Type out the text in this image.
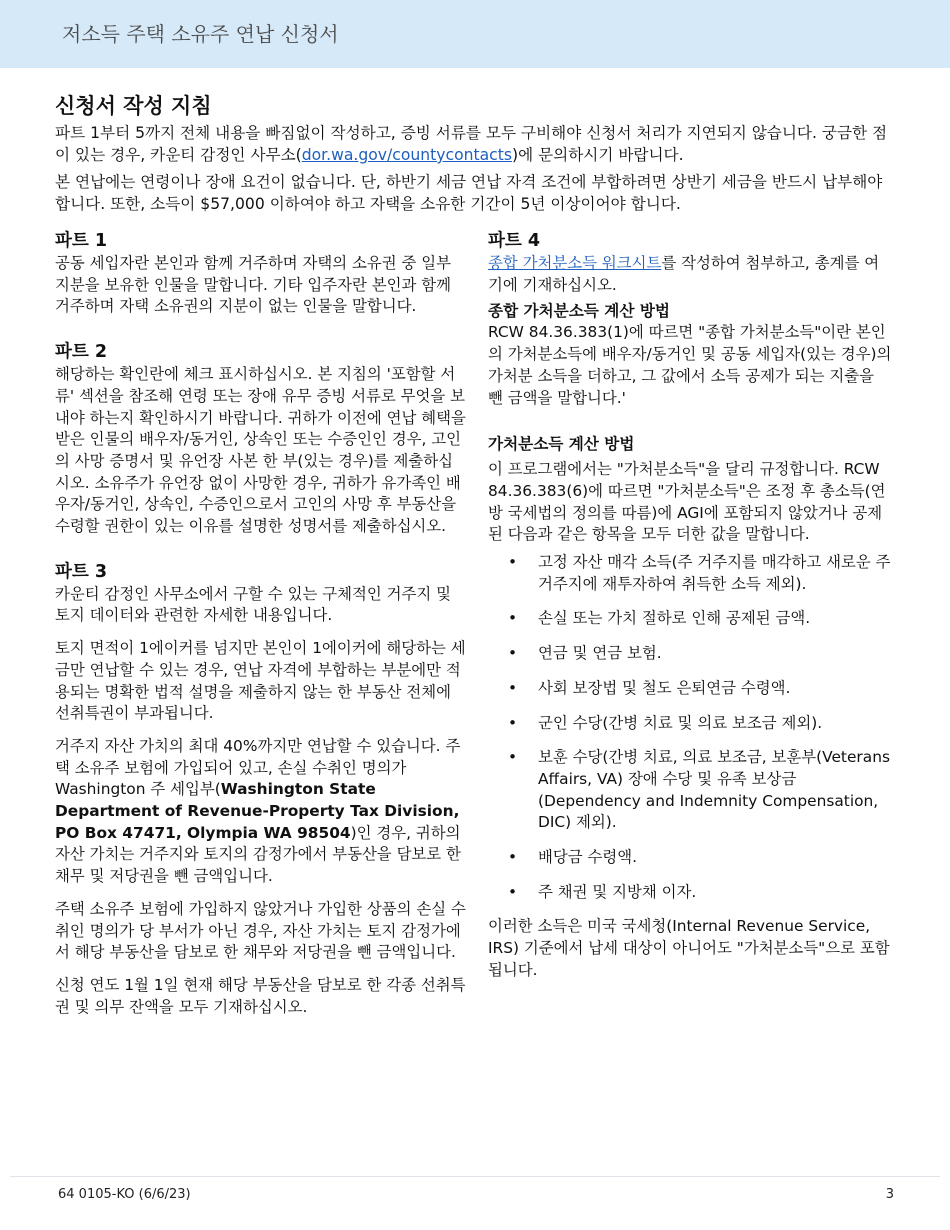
저소득 주택 소유주 연납 신청서
신청서 작성 지침

파트 1부터 5까지 전체 내용을 빠짐없이 작성하고, 증빙 서류를 모두 구비해야 신청서 처리가 지연되지 않습니다. 궁금한 점이 있는 경우, 카운티 감정인 사무소(dor.wa.gov/countycontacts)에 문의하시기 바랍니다.

본 연납에는 연령이나 장애 요건이 없습니다. 단, 하반기 세금 연납 자격 조건에 부합하려면 상반기 세금을 반드시 납부해야 합니다. 또한, 소득이 $57,000 이하여야 하고 자택을 소유한 기간이 5년 이상이어야 합니다.

파트 1

공동 세입자란 본인과 함께 거주하며 자택의 소유권 중 일부 지분을 보유한 인물을 말합니다. 기타 입주자란 본인과 함께 거주하며 자택 소유권의 지분이 없는 인물을 말합니다.

파트 2

해당하는 확인란에 체크 표시하십시오. 본 지침의 '포함할 서류' 섹션을 참조해 연령 또는 장애 유무 증빙 서류로 무엇을 보내야 하는지 확인하시기 바랍니다. 귀하가 이전에 연납 혜택을 받은 인물의 배우자/동거인, 상속인 또는 수증인인 경우, 고인의 사망 증명서 및 유언장 사본 한 부(있는 경우)를 제출하십시오. 소유주가 유언장 없이 사망한 경우, 귀하가 유가족인 배우자/동거인, 상속인, 수증인으로서 고인의 사망 후 부동산을 수령할 권한이 있는 이유를 설명한 성명서를 제출하십시오.

파트 3

카운티 감정인 사무소에서 구할 수 있는 구체적인 거주지 및 토지 데이터와 관련한 자세한 내용입니다.

토지 면적이 1에이커를 넘지만 본인이 1에이커에 해당하는 세금만 연납할 수 있는 경우, 연납 자격에 부합하는 부분에만 적용되는 명확한 법적 설명을 제출하지 않는 한 부동산 전체에 선취특권이 부과됩니다.

거주지 자산 가치의 최대 40%까지만 연납할 수 있습니다. 주택 소유주 보험에 가입되어 있고, 손실 수취인 명의가 Washington 주 세입부(Washington State Department of Revenue-Property Tax Division, PO Box 47471, Olympia WA 98504)인 경우, 귀하의 자산 가치는 거주지와 토지의 감정가에서 부동산을 담보로 한 채무 및 저당권을 뺀 금액입니다.

주택 소유주 보험에 가입하지 않았거나 가입한 상품의 손실 수취인 명의가 당 부서가 아닌 경우, 자산 가치는 토지 감정가에서 해당 부동산을 담보로 한 채무와 저당권을 뺀 금액입니다.

신청 연도 1월 1일 현재 해당 부동산을 담보로 한 각종 선취특권 및 의무 잔액을 모두 기재하십시오.

파트 4

종합 가처분소득 워크시트를 작성하여 첨부하고, 총계를 여기에 기재하십시오.

종합 가처분소득 계산 방법

RCW 84.36.383(1)에 따르면 "종합 가처분소득"이란 본인의 가처분소득에 배우자/동거인 및 공동 세입자(있는 경우)의 가처분 소득을 더하고, 그 값에서 소득 공제가 되는 지출을 뺀 금액을 말합니다.'

가처분소득 계산 방법

이 프로그램에서는 "가처분소득"을 달리 규정합니다. RCW 84.36.383(6)에 따르면 "가처분소득"은 조정 후 총소득(연방 국세법의 정의를 따름)에 AGI에 포함되지 않았거나 공제된 다음과 같은 항목을 모두 더한 값을 말합니다.

• 고정 자산 매각 소득(주 거주지를 매각하고 새로운 주 거주지에 재투자하여 취득한 소득 제외).
• 손실 또는 가치 절하로 인해 공제된 금액.
• 연금 및 연금 보험.
• 사회 보장법 및 철도 은퇴연금 수령액.
• 군인 수당(간병 치료 및 의료 보조금 제외).
• 보훈 수당(간병 치료, 의료 보조금, 보훈부(Veterans Affairs, VA) 장애 수당 및 유족 보상금(Dependency and Indemnity Compensation, DIC) 제외).
• 배당금 수령액.
• 주 채권 및 지방채 이자.

이러한 소득은 미국 국세청(Internal Revenue Service, IRS) 기준에서 납세 대상이 아니어도 "가처분소득"으로 포함됩니다.

64 0105-KO (6/6/23)	3
